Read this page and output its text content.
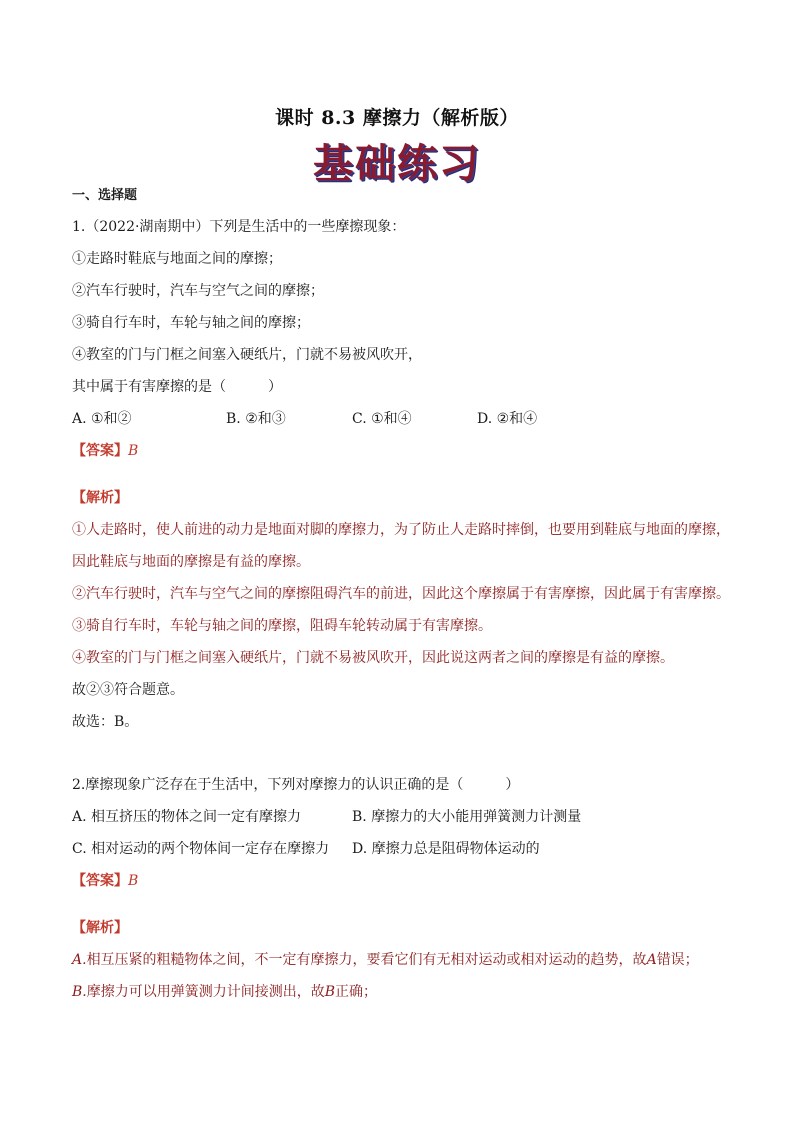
课时 8.3 摩擦力（解析版）
基础练习
一、选择题
1.（2022·湖南期中）下列是生活中的一些摩擦现象：
①走路时鞋底与地面之间的摩擦；
②汽车行驶时，汽车与空气之间的摩擦；
③骑自行车时，车轮与轴之间的摩擦；
④教室的门与门框之间塞入硬纸片，门就不易被风吹开，
其中属于有害摩擦的是（　　　）
A. ①和②	B. ②和③	C. ①和④	D. ②和④
【答案】B
【解析】
①人走路时，使人前进的动力是地面对脚的摩擦力，为了防止人走路时摔倒，也要用到鞋底与地面的摩擦，
因此鞋底与地面的摩擦是有益的摩擦。
②汽车行驶时，汽车与空气之间的摩擦阻碍汽车的前进，因此这个摩擦属于有害摩擦，因此属于有害摩擦。
③骑自行车时，车轮与轴之间的摩擦，阻碍车轮转动属于有害摩擦。
④教室的门与门框之间塞入硬纸片，门就不易被风吹开，因此说这两者之间的摩擦是有益的摩擦。
故②③符合题意。
故选：B。
2.摩擦现象广泛存在于生活中，下列对摩擦力的认识正确的是（　　　）
A. 相互挤压的物体之间一定有摩擦力	B. 摩擦力的大小能用弹簧测力计测量
C. 相对运动的两个物体间一定存在摩擦力 D. 摩擦力总是阻碍物体运动的
【答案】B
【解析】
A.相互压紧的粗糙物体之间，不一定有摩擦力，要看它们有无相对运动或相对运动的趋势，故A错误；
B.摩擦力可以用弹簧测力计间接测出，故B正确；
